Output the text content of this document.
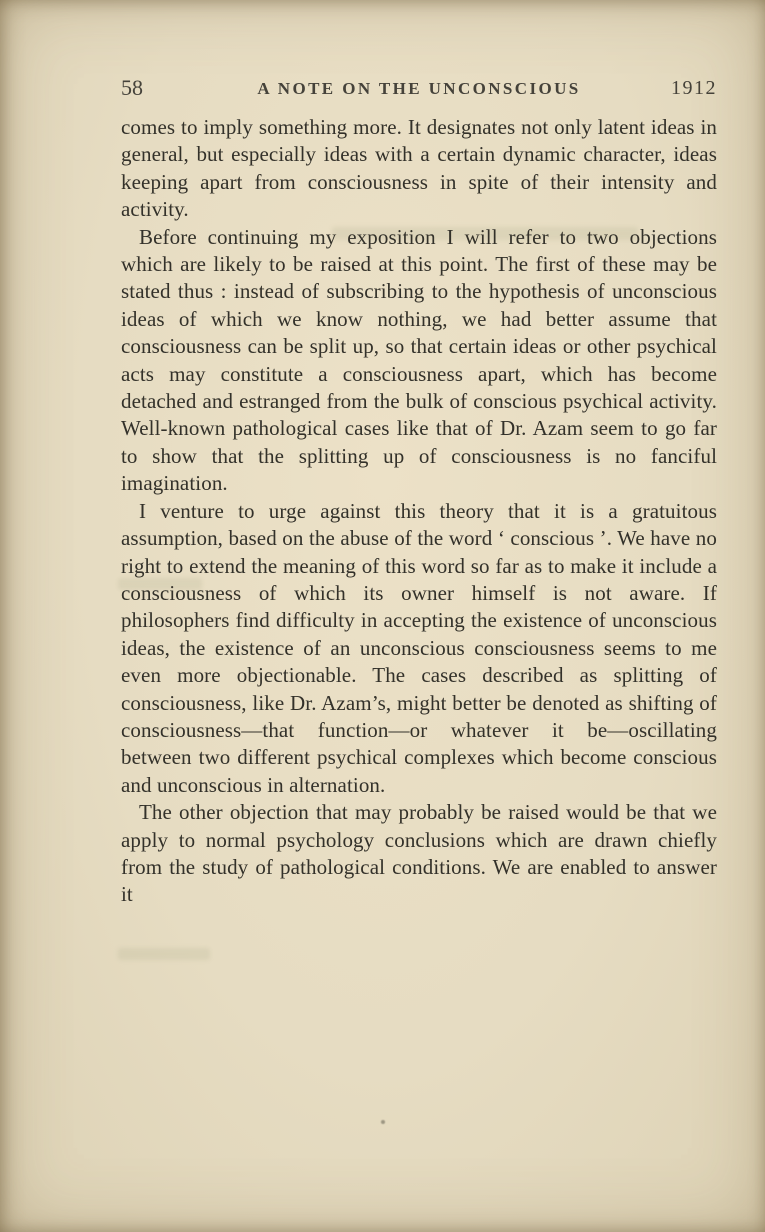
58	A NOTE ON THE UNCONSCIOUS	1912

comes to imply something more. It designates not only latent ideas in general, but especially ideas with a certain dynamic character, ideas keeping apart from consciousness in spite of their intensity and activity.

Before continuing my exposition I will refer to two objections which are likely to be raised at this point. The first of these may be stated thus : instead of subscribing to the hypothesis of unconscious ideas of which we know nothing, we had better assume that consciousness can be split up, so that certain ideas or other psychical acts may constitute a consciousness apart, which has become detached and estranged from the bulk of conscious psychical activity. Well-known pathological cases like that of Dr. Azam seem to go far to show that the splitting up of consciousness is no fanciful imagination.

I venture to urge against this theory that it is a gratuitous assumption, based on the abuse of the word ‘ conscious ’. We have no right to extend the meaning of this word so far as to make it include a consciousness of which its owner himself is not aware. If philosophers find difficulty in accepting the existence of unconscious ideas, the existence of an unconscious consciousness seems to me even more objectionable. The cases described as splitting of consciousness, like Dr. Azam’s, might better be denoted as shifting of consciousness—that function—or whatever it be—oscillating between two different psychical complexes which become conscious and unconscious in alternation.

The other objection that may probably be raised would be that we apply to normal psychology conclusions which are drawn chiefly from the study of pathological conditions. We are enabled to answer it
